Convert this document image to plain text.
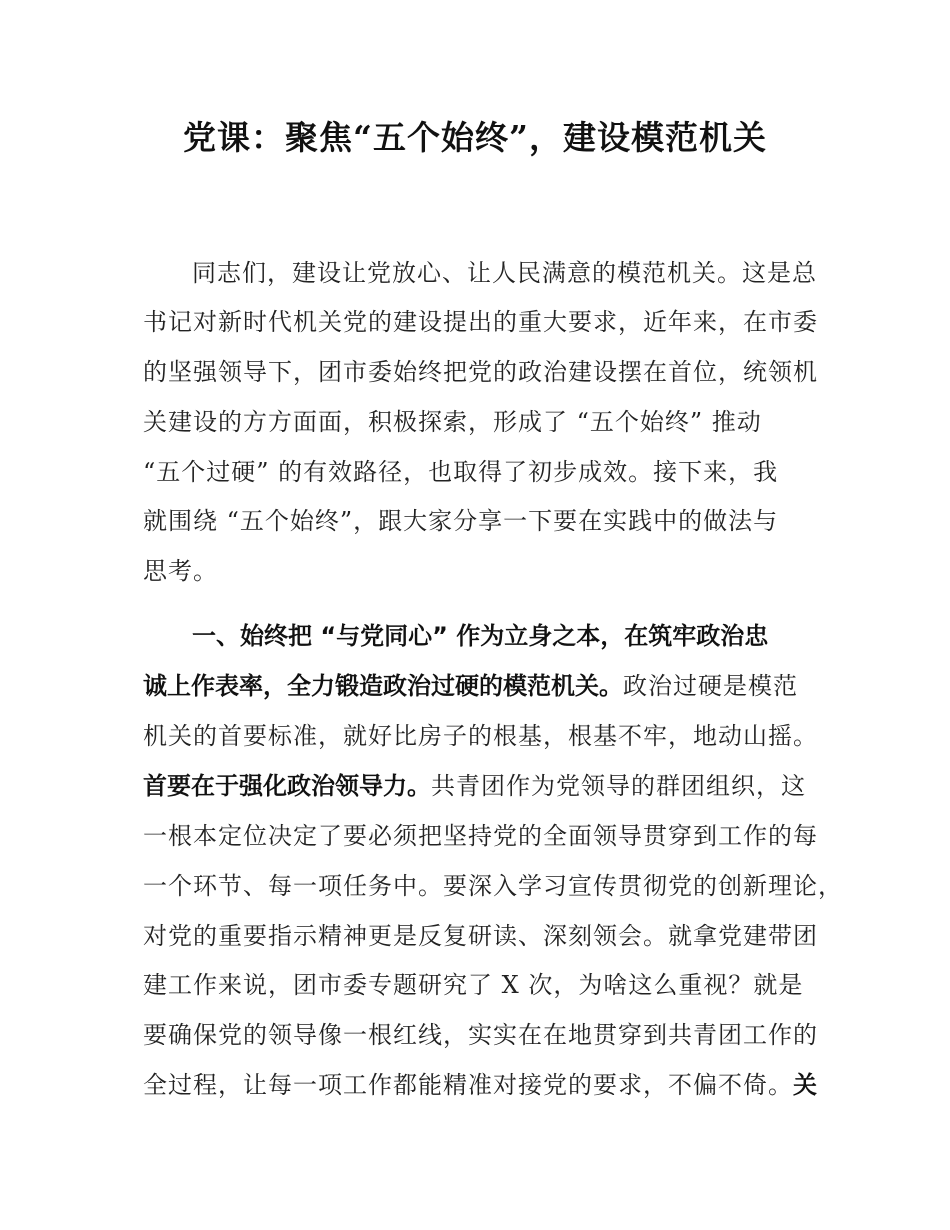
党课：聚焦“五个始终”，建设模范机关
同志们，建设让党放心、让人民满意的模范机关。这是总
书记对新时代机关党的建设提出的重大要求，近年来，在市委
的坚强领导下，团市委始终把党的政治建设摆在首位，统领机
关建设的方方面面，积极探索，形成了 “五个始终” 推动
“五个过硬” 的有效路径，也取得了初步成效。接下来，我
就围绕 “五个始终”，跟大家分享一下要在实践中的做法与
思考。
一、始终把 “与党同心” 作为立身之本，在筑牢政治忠
诚上作表率，全力锻造政治过硬的模范机关。政治过硬是模范
机关的首要标准，就好比房子的根基，根基不牢，地动山摇。
首要在于强化政治领导力。共青团作为党领导的群团组织，这
一根本定位决定了要必须把坚持党的全面领导贯穿到工作的每
一个环节、每一项任务中。要深入学习宣传贯彻党的创新理论，
对党的重要指示精神更是反复研读、深刻领会。就拿党建带团
建工作来说，团市委专题研究了 X 次，为啥这么重视？就是
要确保党的领导像一根红线，实实在在地贯穿到共青团工作的
全过程，让每一项工作都能精准对接党的要求，不偏不倚。关
